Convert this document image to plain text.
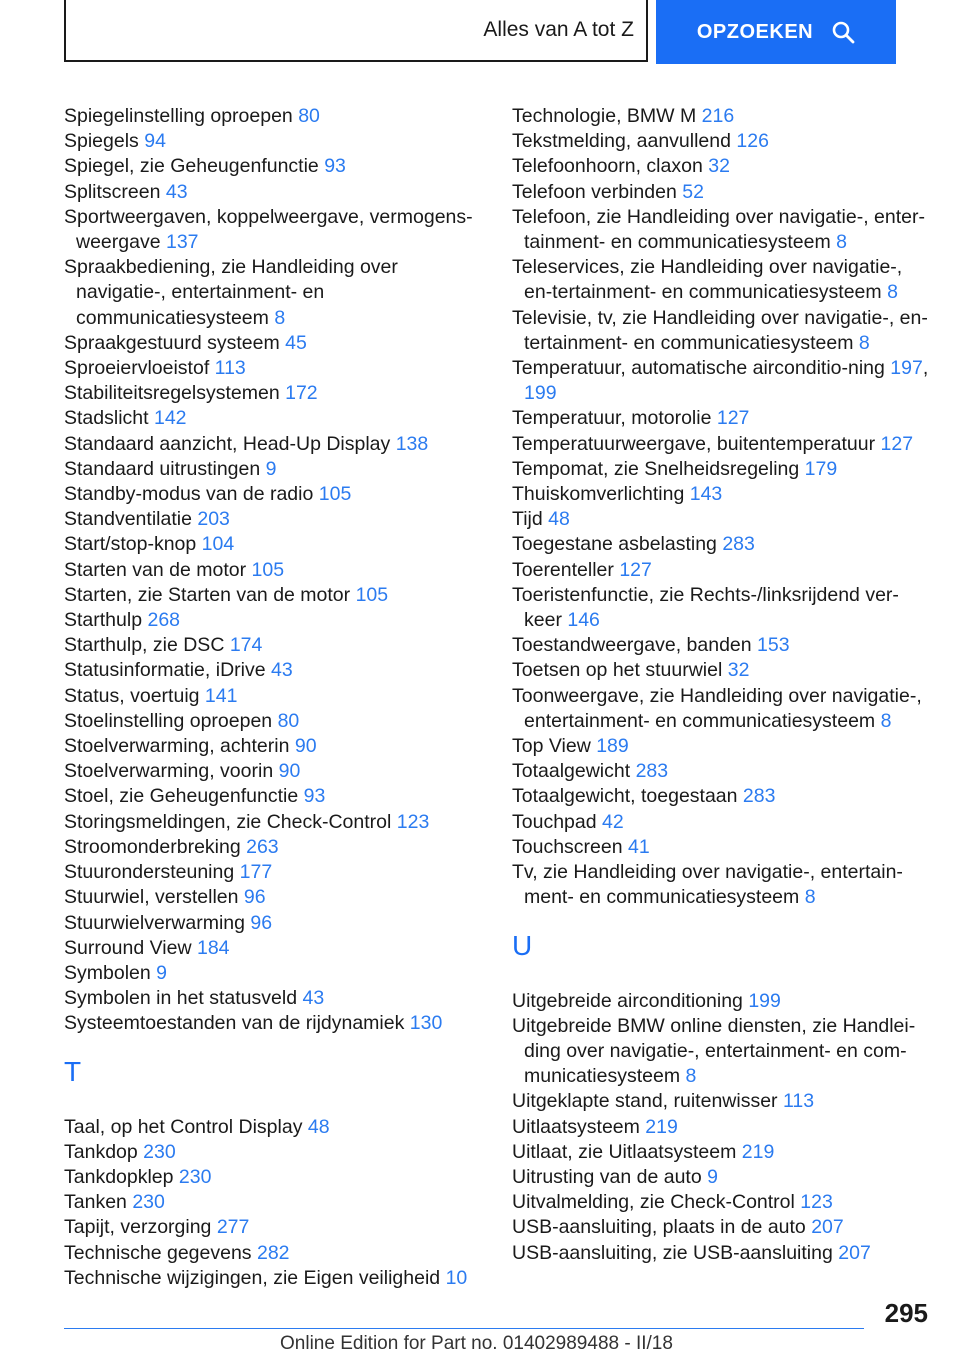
Alles van A tot Z	OPZOEKEN

Spiegelinstelling oproepen 80

Spiegels 94

Spiegel, zie Geheugenfunctie 93

Splitscreen 43

Sportweergaven, koppelweergave, vermogens‐weergave 137

Spraakbediening, zie Handleiding over navigatie-, entertainment- en communicatiesysteem 8

Spraakgestuurd systeem 45

Sproeiervloeistof 113

Stabiliteitsregelsystemen 172

Stadslicht 142

Standaard aanzicht, Head-Up Display 138

Standaard uitrustingen 9

Standby-modus van de radio 105

Standventilatie 203

Start/stop-knop 104

Starten van de motor 105

Starten, zie Starten van de motor 105

Starthulp 268

Starthulp, zie DSC 174

Statusinformatie, iDrive 43

Status, voertuig 141

Stoelinstelling oproepen 80

Stoelverwarming, achterin 90

Stoelverwarming, voorin 90

Stoel, zie Geheugenfunctie 93

Storingsmeldingen, zie Check-Control 123

Stroomonderbreking 263

Stuurondersteuning 177

Stuurwiel, verstellen 96

Stuurwielverwarming 96

Surround View 184

Symbolen 9

Symbolen in het statusveld 43

Systeemtoestanden van de rijdynamiek 130

T

Taal, op het Control Display 48

Tankdop 230

Tankdopklep 230

Tanken 230

Tapijt, verzorging 277

Technische gegevens 282

Technische wijzigingen, zie Eigen veiligheid 10

Technologie, BMW M 216

Tekstmelding, aanvullend 126

Telefoonhoorn, claxon 32

Telefoon verbinden 52

Telefoon, zie Handleiding over navigatie-, enter‐tainment- en communicatiesysteem 8

Teleservices, zie Handleiding over navigatie-, en‐tertainment- en communicatiesysteem 8

Televisie, tv, zie Handleiding over navigatie-, en‐tertainment- en communicatiesysteem 8

Temperatuur, automatische airconditio‐ning 197, 199

Temperatuur, motorolie 127

Temperatuurweergave, buitentemperatuur 127

Tempomat, zie Snelheidsregeling 179

Thuiskomverlichting 143

Tijd 48

Toegestane asbelasting 283

Toerenteller 127

Toeristenfunctie, zie Rechts-/linksrijdend ver‐keer 146

Toestandweergave, banden 153

Toetsen op het stuurwiel 32

Toonweergave, zie Handleiding over navigatie-, entertainment- en communicatiesysteem 8

Top View 189

Totaalgewicht 283

Totaalgewicht, toegestaan 283

Touchpad 42

Touchscreen 41

Tv, zie Handleiding over navigatie-, entertain‐ment- en communicatiesysteem 8

U

Uitgebreide airconditioning 199

Uitgebreide BMW online diensten, zie Handlei‐ding over navigatie-, entertainment- en com‐municatiesysteem 8

Uitgeklapte stand, ruitenwisser 113

Uitlaatsysteem 219

Uitlaat, zie Uitlaatsysteem 219

Uitrusting van de auto 9

Uitvalmelding, zie Check-Control 123

USB-aansluiting, plaats in de auto 207

USB-aansluiting, zie USB-aansluiting 207

295
Online Edition for Part no. 01402989488 - II/18
